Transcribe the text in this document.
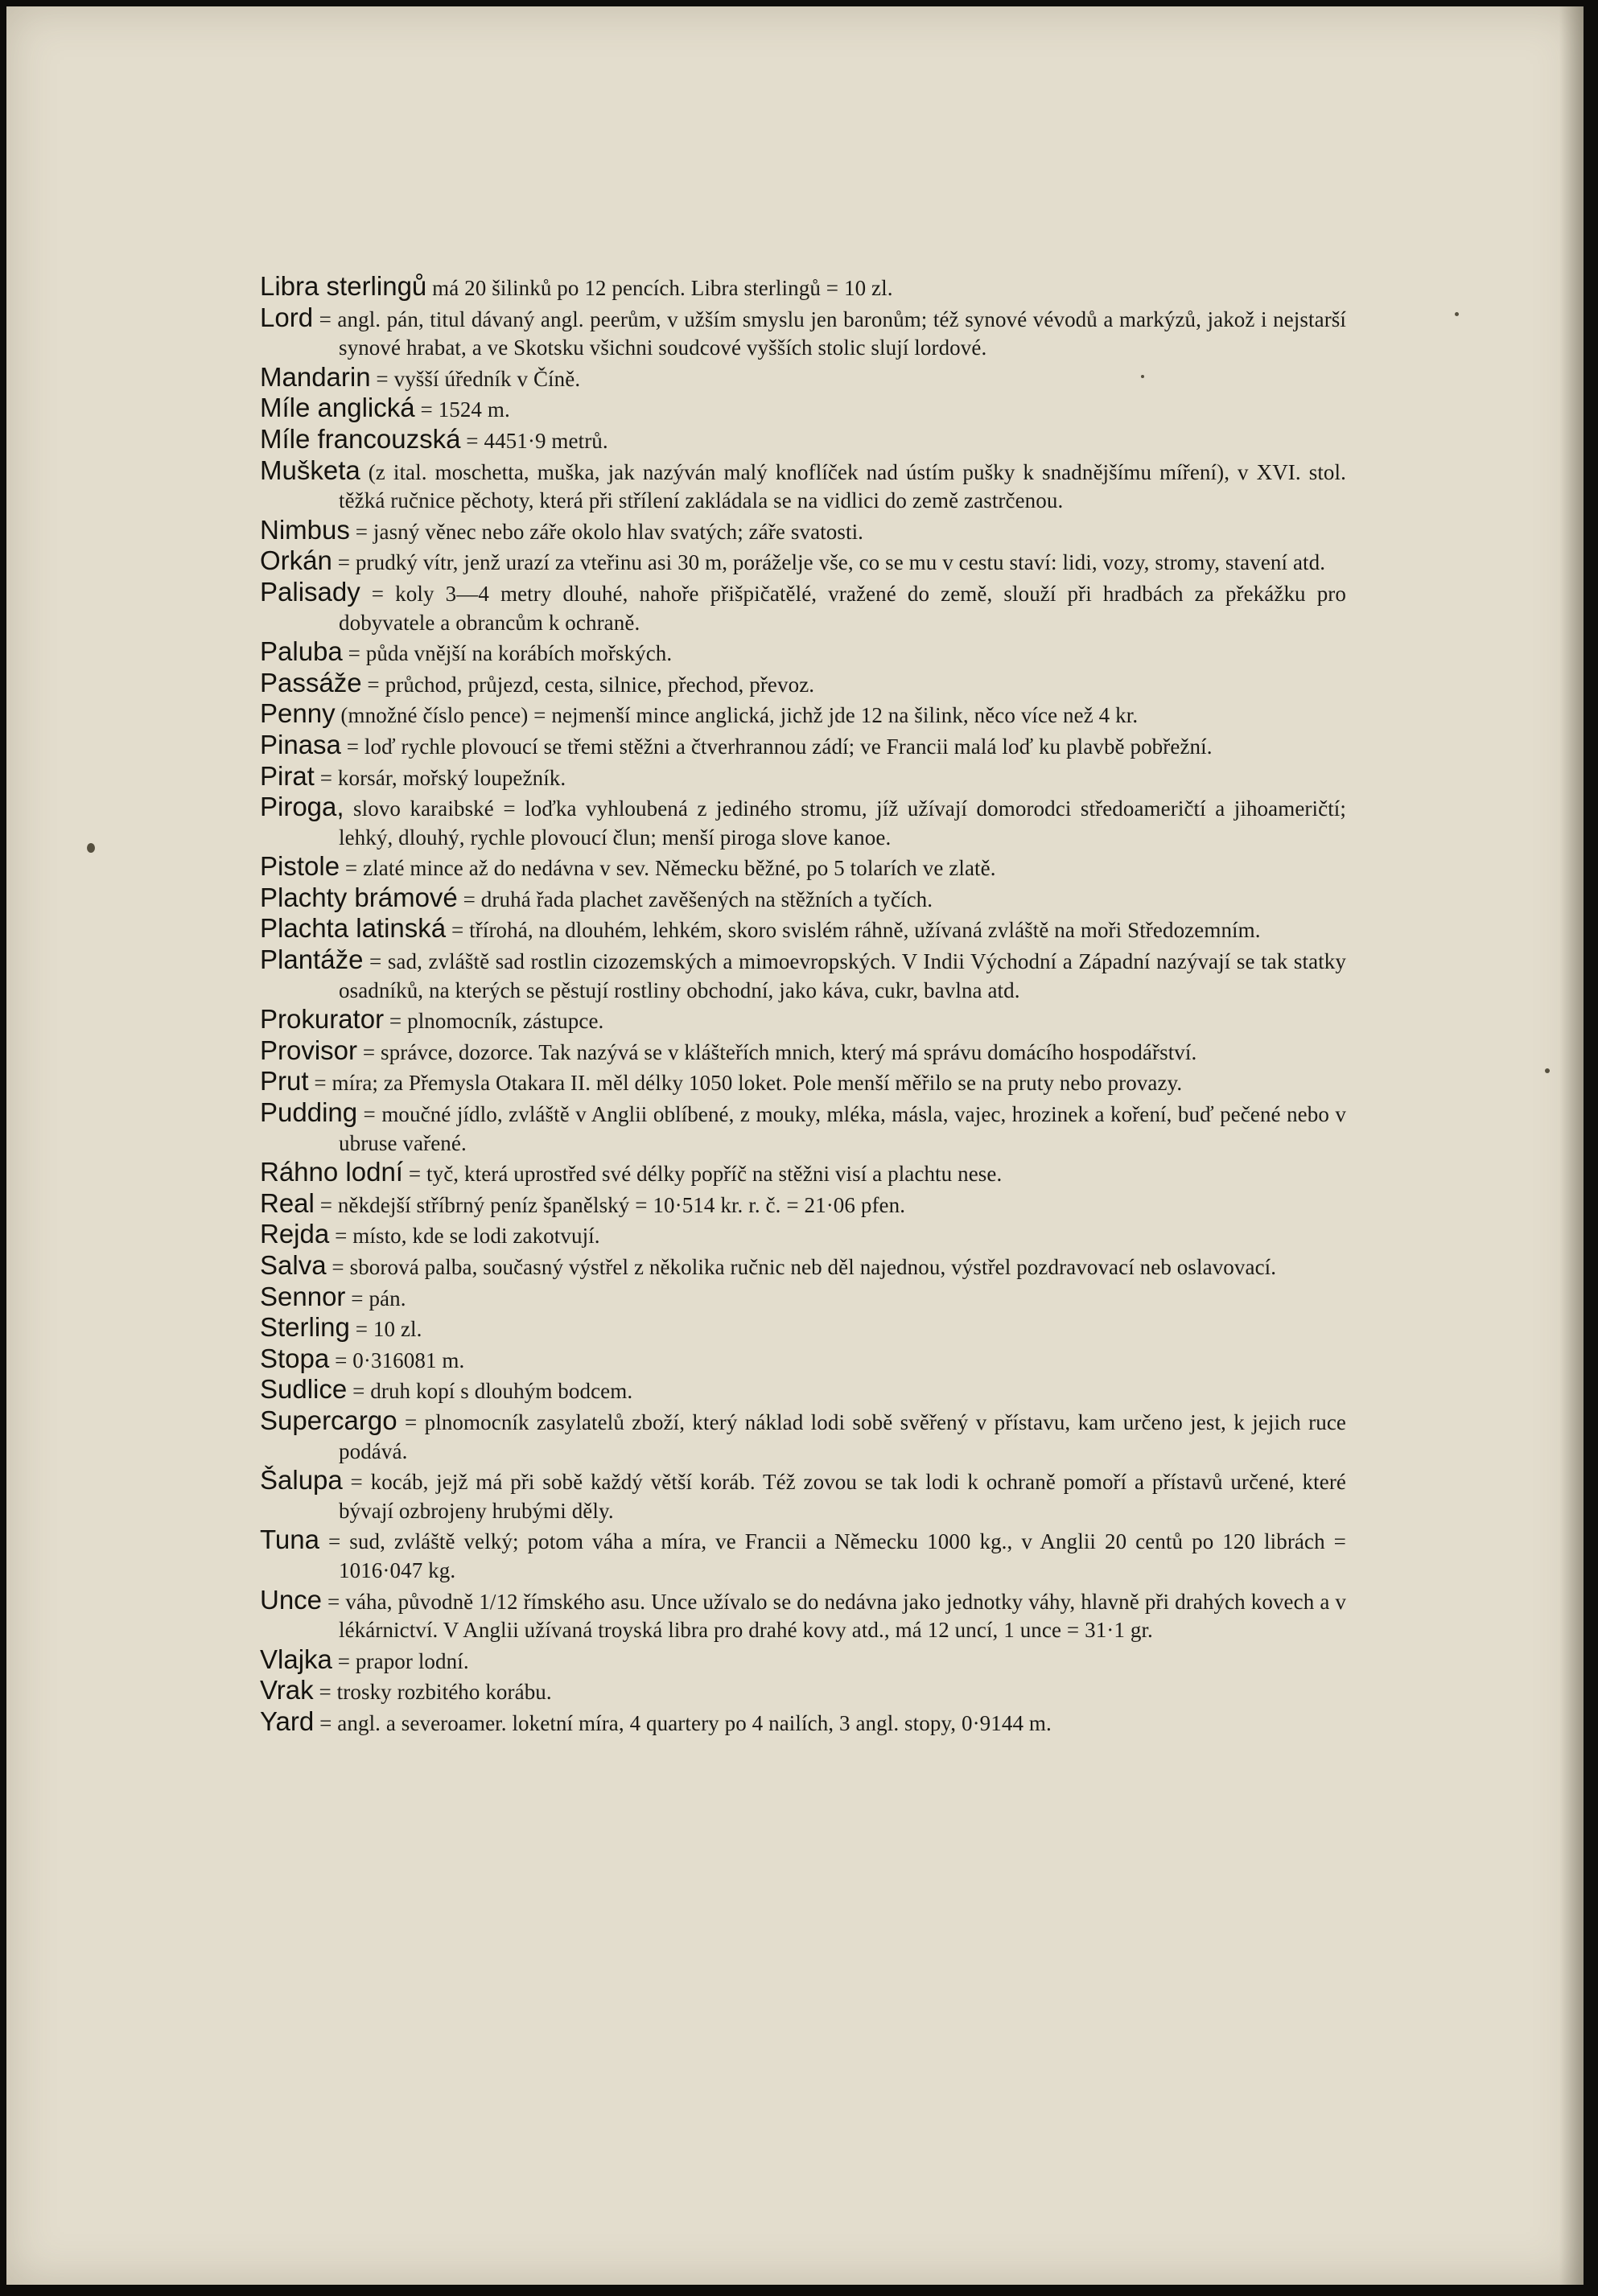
Libra sterlingů má 20 šilinků po 12 pencích. Libra sterlingů = 10 zl.

Lord = angl. pán, titul dávaný angl. peerům, v užším smyslu jen baronům; též synové vévodů a markýzů, jakož i nejstarší synové hrabat, a ve Skotsku všichni soudcové vyšších stolic slují lordové.

Mandarin = vyšší úředník v Číně.

Míle anglická = 1524 m.

Míle francouzská = 4451·9 metrů.

Mušketa (z ital. moschetta, muška, jak nazýván malý knoflíček nad ústím pušky k snadnějšímu míření), v XVI. stol. těžká ručnice pěchoty, která při střílení zakládala se na vidlici do země zastrčenou.

Nimbus = jasný věnec nebo záře okolo hlav svatých; záře svatosti.

Orkán = prudký vítr, jenž urazí za vteřinu asi 30 m, poráželje vše, co se mu v cestu staví: lidi, vozy, stromy, stavení atd.

Palisady = koly 3—4 metry dlouhé, nahoře přišpičatělé, vražené do země, slouží při hradbách za překážku pro dobyvatele a obrancům k ochraně.

Paluba = půda vnější na korábích mořských.

Passáže = průchod, průjezd, cesta, silnice, přechod, převoz.

Penny (množné číslo pence) = nejmenší mince anglická, jichž jde 12 na šilink, něco více než 4 kr.

Pinasa = loď rychle plovoucí se třemi stěžni a čtverhrannou zádí; ve Francii malá loď ku plavbě pobřežní.

Pirat = korsár, mořský loupežník.

Piroga, slovo karaibské = loďka vyhloubená z jediného stromu, jíž užívají domorodci středoameričtí a jihoameričtí; lehký, dlouhý, rychle plovoucí člun; menší piroga slove kanoe.

Pistole = zlaté mince až do nedávna v sev. Německu běžné, po 5 tolarích ve zlatě.

Plachty brámové = druhá řada plachet zavěšených na stěžních a tyčích.

Plachta latinská = třírohá, na dlouhém, lehkém, skoro svislém ráhně, užívaná zvláště na moři Středozemním.

Plantáže = sad, zvláště sad rostlin cizozemských a mimoevropských. V Indii Východní a Západní nazývají se tak statky osadníků, na kterých se pěstují rostliny obchodní, jako káva, cukr, bavlna atd.

Prokurator = plnomocník, zástupce.

Provisor = správce, dozorce. Tak nazývá se v klášteřích mnich, který má správu domácího hospodářství.

Prut = míra; za Přemysla Otakara II. měl délky 1050 loket. Pole menší měřilo se na pruty nebo provazy.

Pudding = moučné jídlo, zvláště v Anglii oblíbené, z mouky, mléka, másla, vajec, hrozinek a koření, buď pečené nebo v ubruse vařené.

Ráhno lodní = tyč, která uprostřed své délky popříč na stěžni visí a plachtu nese.

Real = někdejší stříbrný peníz španělský = 10·514 kr. r. č. = 21·06 pfen.

Rejda = místo, kde se lodi zakotvují.

Salva = sborová palba, současný výstřel z několika ručnic neb děl najednou, výstřel pozdravovací neb oslavovací.

Sennor = pán.

Sterling = 10 zl.

Stopa = 0·316081 m.

Sudlice = druh kopí s dlouhým bodcem.

Supercargo = plnomocník zasylatelů zboží, který náklad lodi sobě svěřený v přístavu, kam určeno jest, k jejich ruce podává.

Šalupa = kocáb, jejž má při sobě každý větší koráb. Též zovou se tak lodi k ochraně pomoří a přístavů určené, které bývají ozbrojeny hrubými děly.

Tuna = sud, zvláště velký; potom váha a míra, ve Francii a Německu 1000 kg., v Anglii 20 centů po 120 librách = 1016·047 kg.

Unce = váha, původně 1/12 římského asu. Unce užívalo se do nedávna jako jednotky váhy, hlavně při drahých kovech a v lékárnictví. V Anglii užívaná troyská libra pro drahé kovy atd., má 12 uncí, 1 unce = 31·1 gr.

Vlajka = prapor lodní.

Vrak = trosky rozbitého korábu.

Yard = angl. a severoamer. loketní míra, 4 quartery po 4 nailích, 3 angl. stopy, 0·9144 m.
